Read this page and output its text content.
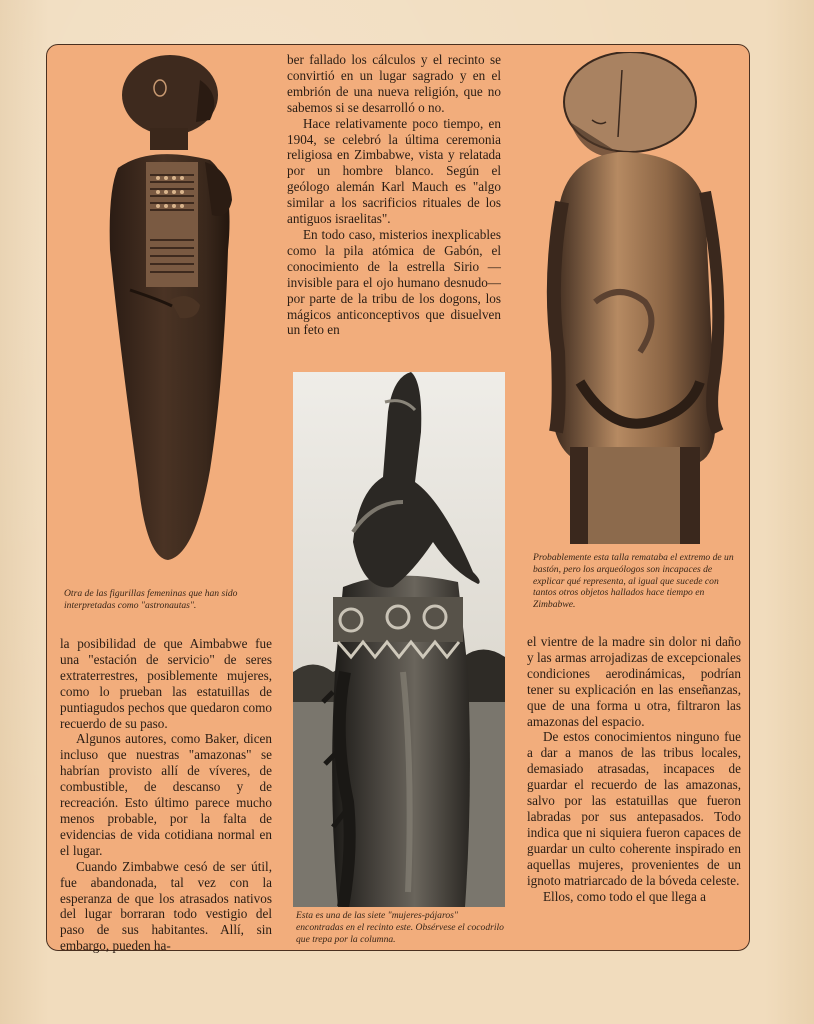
Otra de las figurillas femeninas que han sido interpretadas como "astronautas".

ber fallado los cálculos y el recinto se convirtió en un lugar sagrado y en el embrión de una nueva religión, que no sabemos si se desarrolló o no.

Hace relativamente poco tiempo, en 1904, se celebró la última ceremonia religiosa en Zimbabwe, vista y relatada por un hombre blanco. Según el geólogo alemán Karl Mauch es "algo similar a los sacrificios rituales de los antiguos israelitas".

En todo caso, misterios inexplicables como la pila atómica de Gabón, el conocimiento de la estrella Sirio —invisible para el ojo humano desnudo— por parte de la tribu de los dogons, los mágicos anticonceptivos que disuelven un feto en

Esta es una de las siete "mujeres-pájaros" encontradas en el recinto este. Obsérvese el cocodrilo que trepa por la columna.
Probablemente esta talla remataba el extremo de un bastón, pero los arqueólogos son incapaces de explicar qué representa, al igual que sucede con tantos otros objetos hallados hace tiempo en Zimbabwe.

la posibilidad de que Aimbabwe fue una "estación de servicio" de seres extraterrestres, posiblemente mujeres, como lo prueban las estatuillas de puntiagudos pechos que quedaron como recuerdo de su paso.

Algunos autores, como Baker, dicen incluso que nuestras "amazonas" se habrían provisto allí de víveres, de combustible, de descanso y de recreación. Esto último parece mucho menos probable, por la falta de evidencias de vida cotidiana normal en el lugar.

Cuando Zimbabwe cesó de ser útil, fue abandonada, tal vez con la esperanza de que los atrasados nativos del lugar borraran todo vestigio del paso de sus habitantes. Allí, sin embargo, pueden ha-

el vientre de la madre sin dolor ni daño y las armas arrojadizas de excepcionales condiciones aerodinámicas, podrían tener su explicación en las enseñanzas, que de una forma u otra, filtraron las amazonas del espacio.

De estos conocimientos ninguno fue a dar a manos de las tribus locales, demasiado atrasadas, incapaces de guardar el recuerdo de las amazonas, salvo por las estatuillas que fueron labradas por sus antepasados. Todo indica que ni siquiera fueron capaces de guardar un culto coherente inspirado en aquellas mujeres, provenientes de un ignoto matriarcado de la bóveda celeste.

Ellos, como todo el que llega a
